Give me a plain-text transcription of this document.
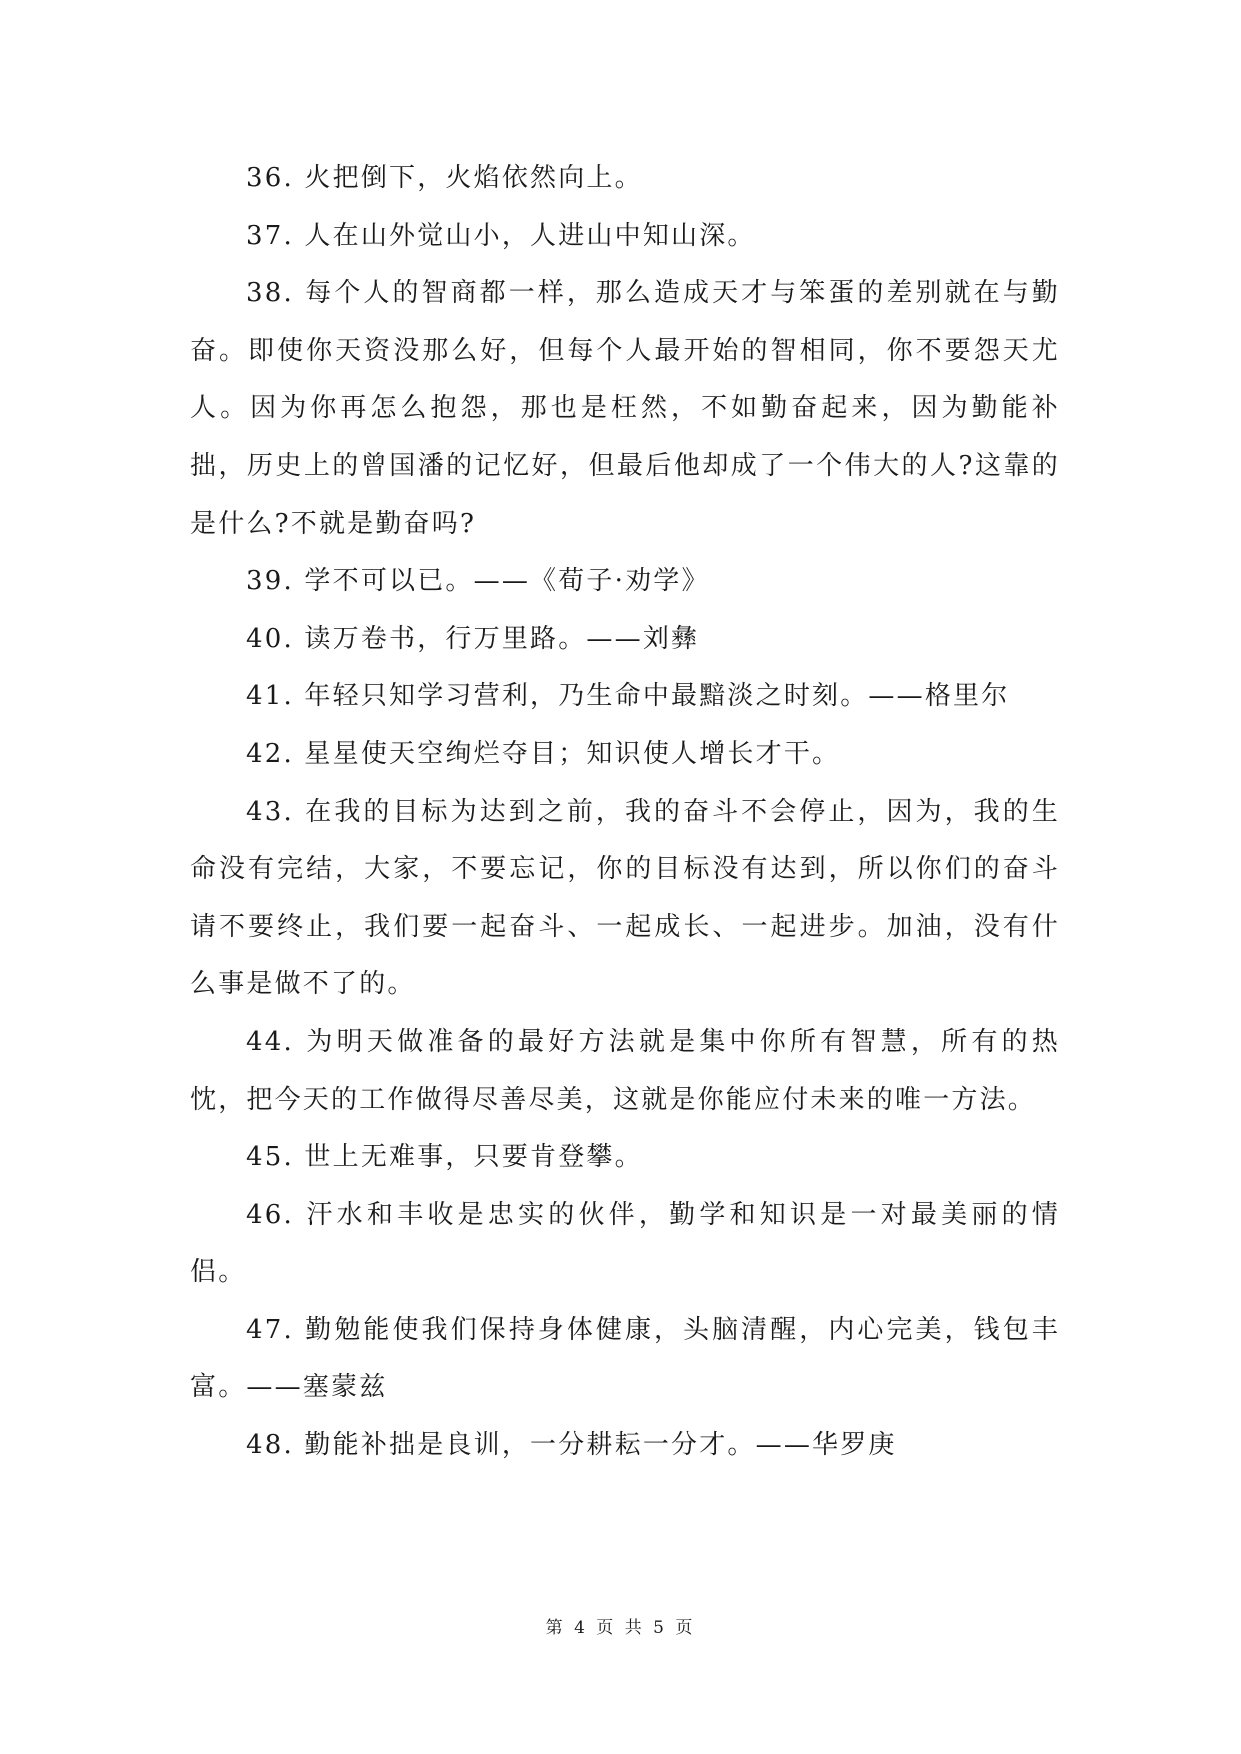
36. 火把倒下，火焰依然向上。

37. 人在山外觉山小，人进山中知山深。

38. 每个人的智商都一样，那么造成天才与笨蛋的差别就在与勤奋。即使你天资没那么好，但每个人最开始的智相同，你不要怨天尤人。因为你再怎么抱怨，那也是枉然，不如勤奋起来，因为勤能补拙，历史上的曾国潘的记忆好，但最后他却成了一个伟大的人?这靠的是什么?不就是勤奋吗?

39. 学不可以已。——《荀子·劝学》

40. 读万卷书，行万里路。——刘彝

41. 年轻只知学习营利，乃生命中最黯淡之时刻。——格里尔

42. 星星使天空绚烂夺目；知识使人增长才干。

43. 在我的目标为达到之前，我的奋斗不会停止，因为，我的生命没有完结，大家，不要忘记，你的目标没有达到，所以你们的奋斗请不要终止，我们要一起奋斗、一起成长、一起进步。加油，没有什么事是做不了的。

44. 为明天做准备的最好方法就是集中你所有智慧，所有的热忱，把今天的工作做得尽善尽美，这就是你能应付未来的唯一方法。

45. 世上无难事，只要肯登攀。

46. 汗水和丰收是忠实的伙伴，勤学和知识是一对最美丽的情侣。

47. 勤勉能使我们保持身体健康，头脑清醒，内心完美，钱包丰富。——塞蒙兹

48. 勤能补拙是良训，一分耕耘一分才。——华罗庚

第 4 页 共 5 页
